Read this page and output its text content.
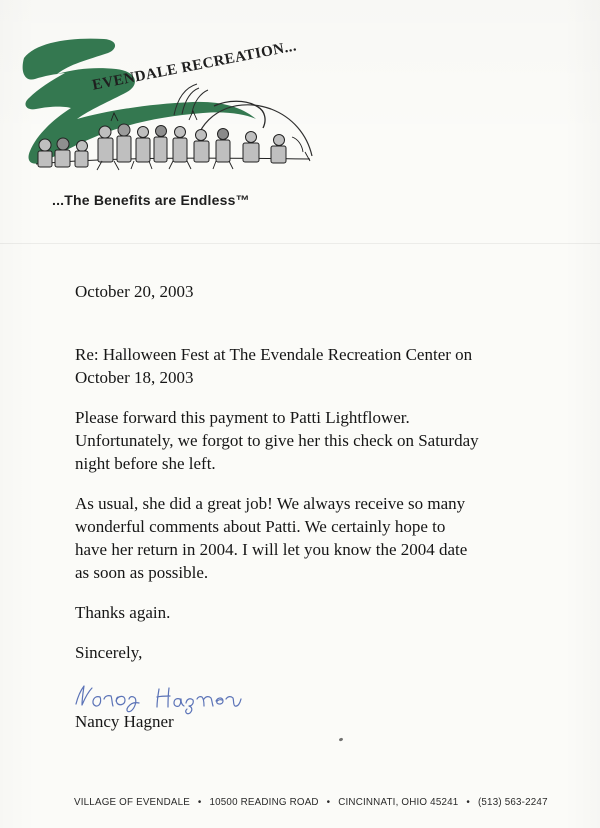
EVENDALE RECREATION...
...The Benefits are Endless™
October 20, 2003
Re: Halloween Fest at The Evendale Recreation Center on
October 18, 2003
Please forward this payment to Patti Lightflower.
Unfortunately, we forgot to give her this check on Saturday
night before she left.
As usual, she did a great job! We always receive so many
wonderful comments about Patti. We certainly hope to
have her return in 2004. I will let you know the 2004 date
as soon as possible.
Thanks again.
Sincerely,
Nancy Hagner
VILLAGE OF EVENDALE • 10500 READING ROAD • CINCINNATI, OHIO 45241 • (513) 563-2247
